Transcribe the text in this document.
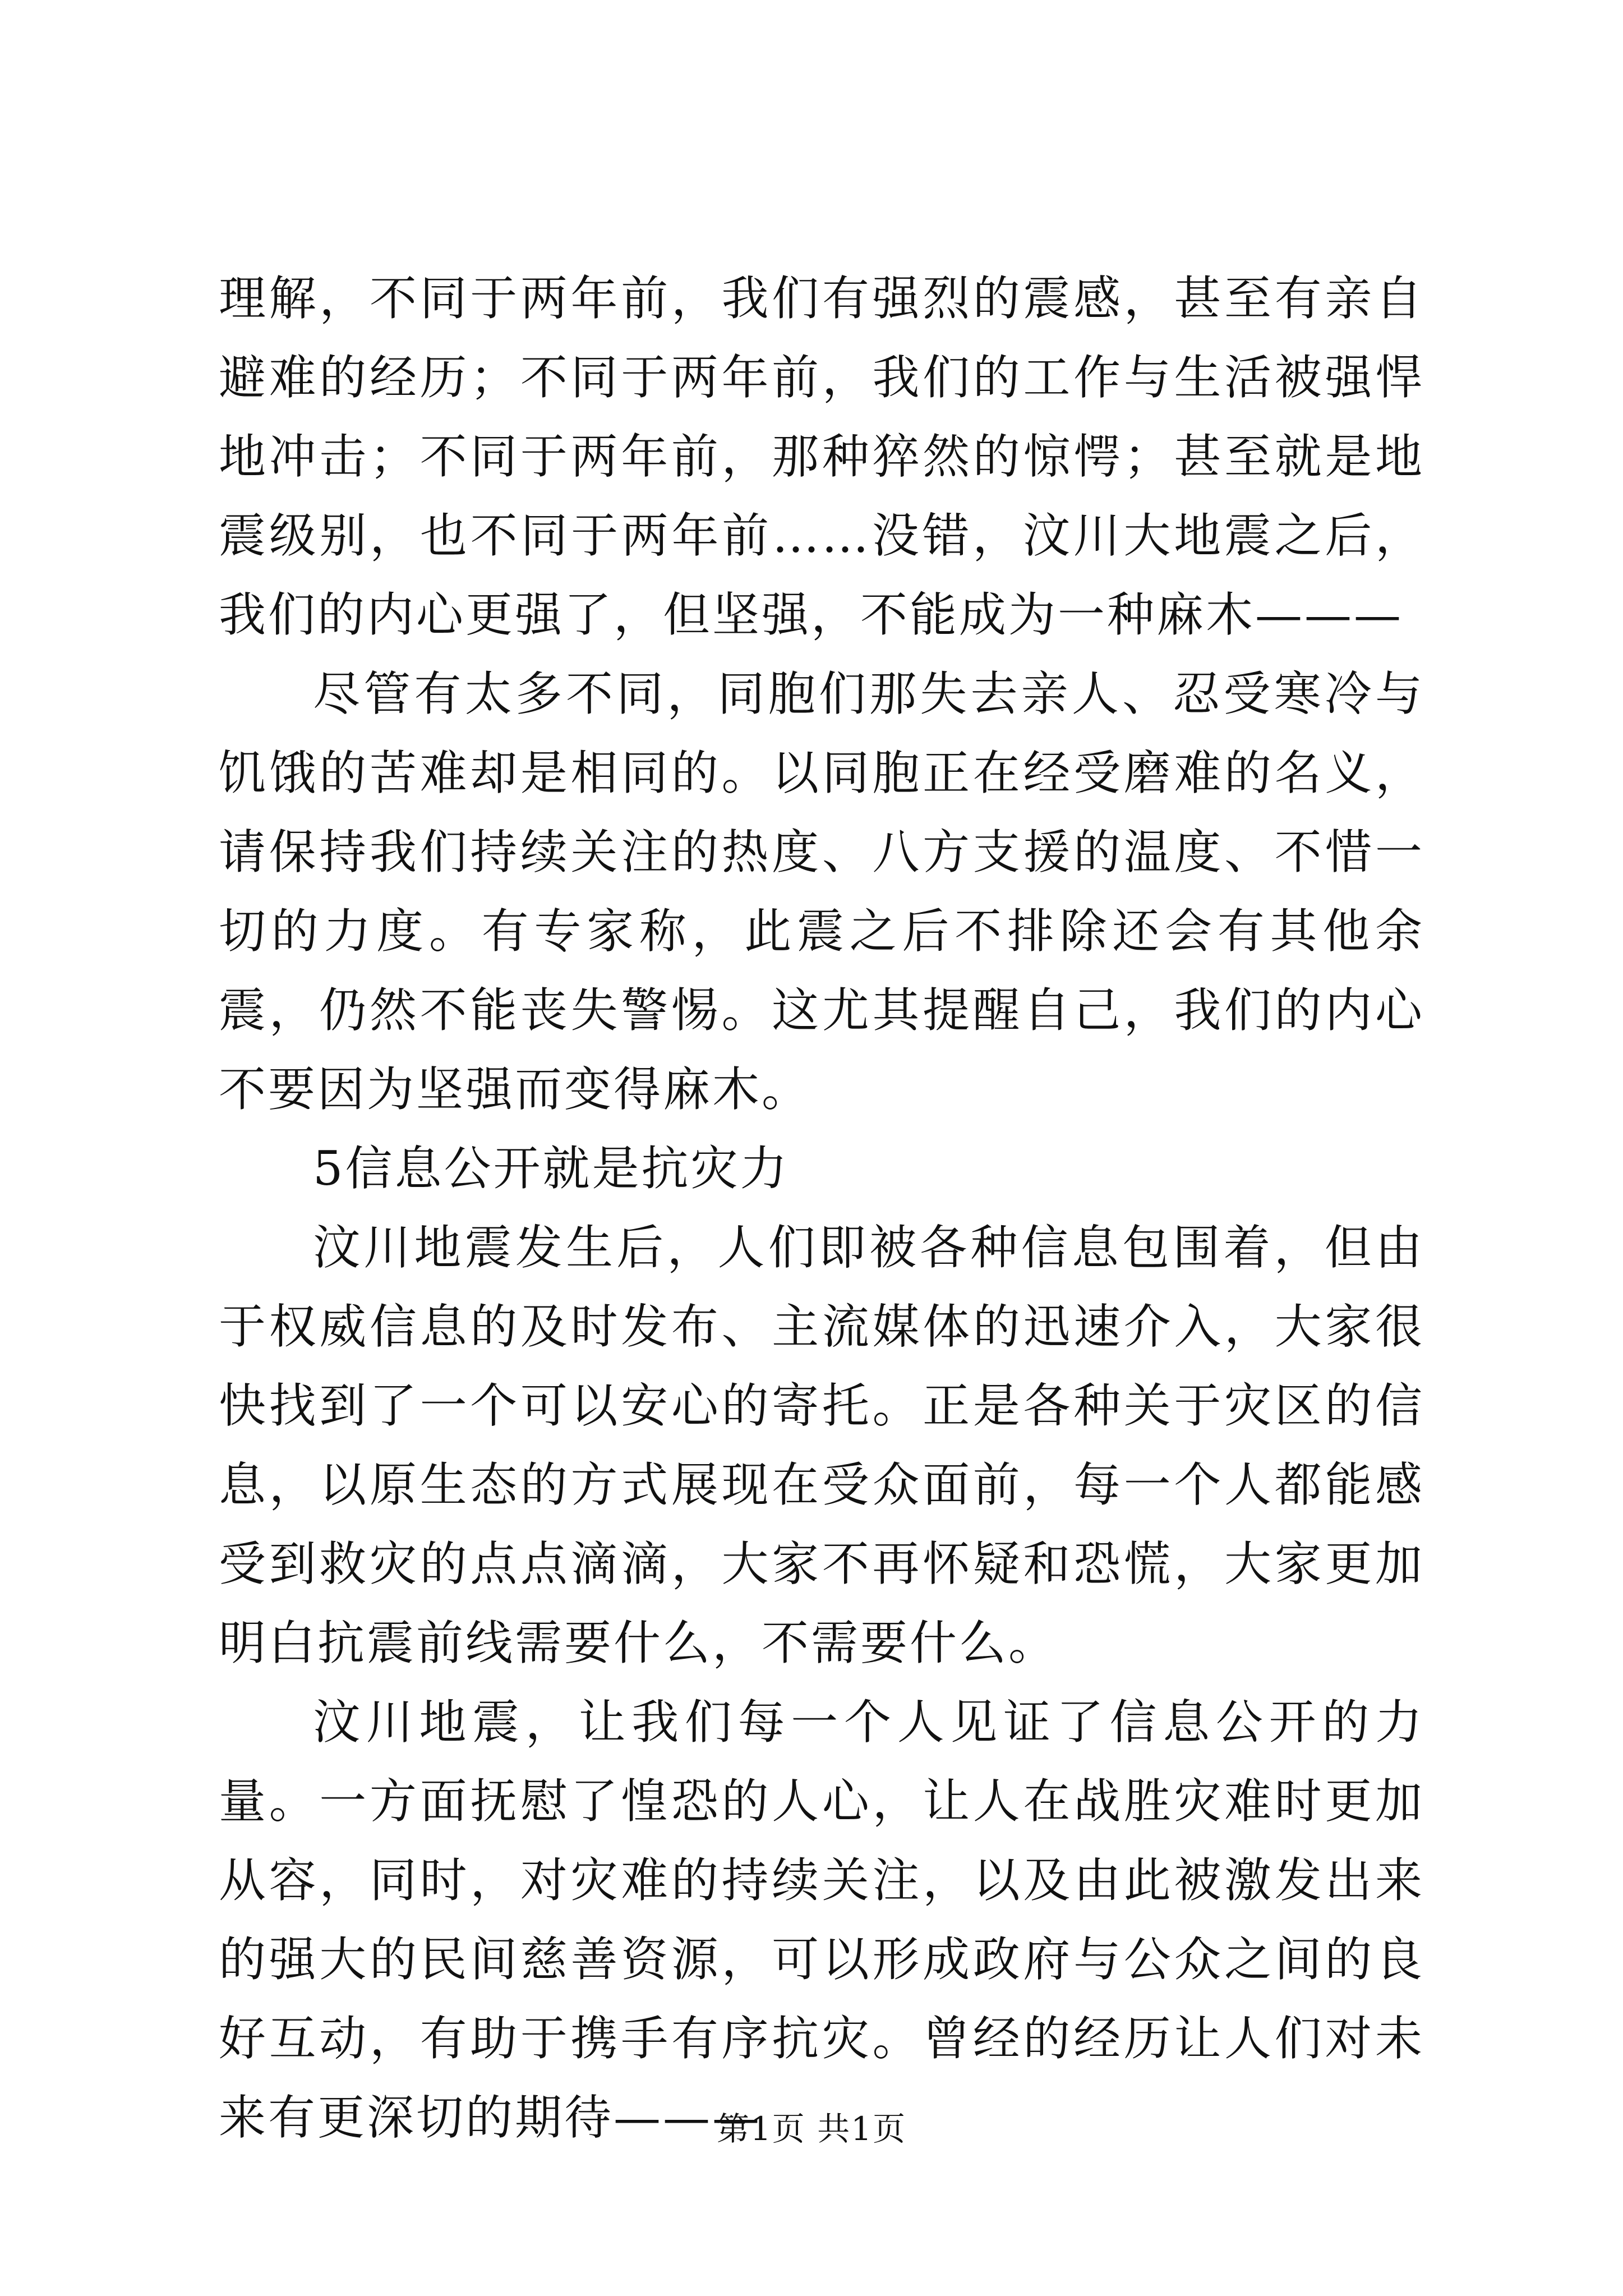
理解，不同于两年前，我们有强烈的震感，甚至有亲自避难的经历；不同于两年前，我们的工作与生活被强悍地冲击；不同于两年前，那种猝然的惊愕；甚至就是地震级别，也不同于两年前……没错，汶川大地震之后，我们的内心更强了，但坚强，不能成为一种麻木———

尽管有太多不同，同胞们那失去亲人、忍受寒冷与饥饿的苦难却是相同的。以同胞正在经受磨难的名义，请保持我们持续关注的热度、八方支援的温度、不惜一切的力度。有专家称，此震之后不排除还会有其他余震，仍然不能丧失警惕。这尤其提醒自己，我们的内心不要因为坚强而变得麻木。

5信息公开就是抗灾力

汶川地震发生后，人们即被各种信息包围着，但由于权威信息的及时发布、主流媒体的迅速介入，大家很快找到了一个可以安心的寄托。正是各种关于灾区的信息，以原生态的方式展现在受众面前，每一个人都能感受到救灾的点点滴滴，大家不再怀疑和恐慌，大家更加明白抗震前线需要什么，不需要什么。

汶川地震，让我们每一个人见证了信息公开的力量。一方面抚慰了惶恐的人心，让人在战胜灾难时更加从容，同时，对灾难的持续关注，以及由此被激发出来的强大的民间慈善资源，可以形成政府与公众之间的良好互动，有助于携手有序抗灾。曾经的经历让人们对未来有更深切的期待———

第1页 共1页
